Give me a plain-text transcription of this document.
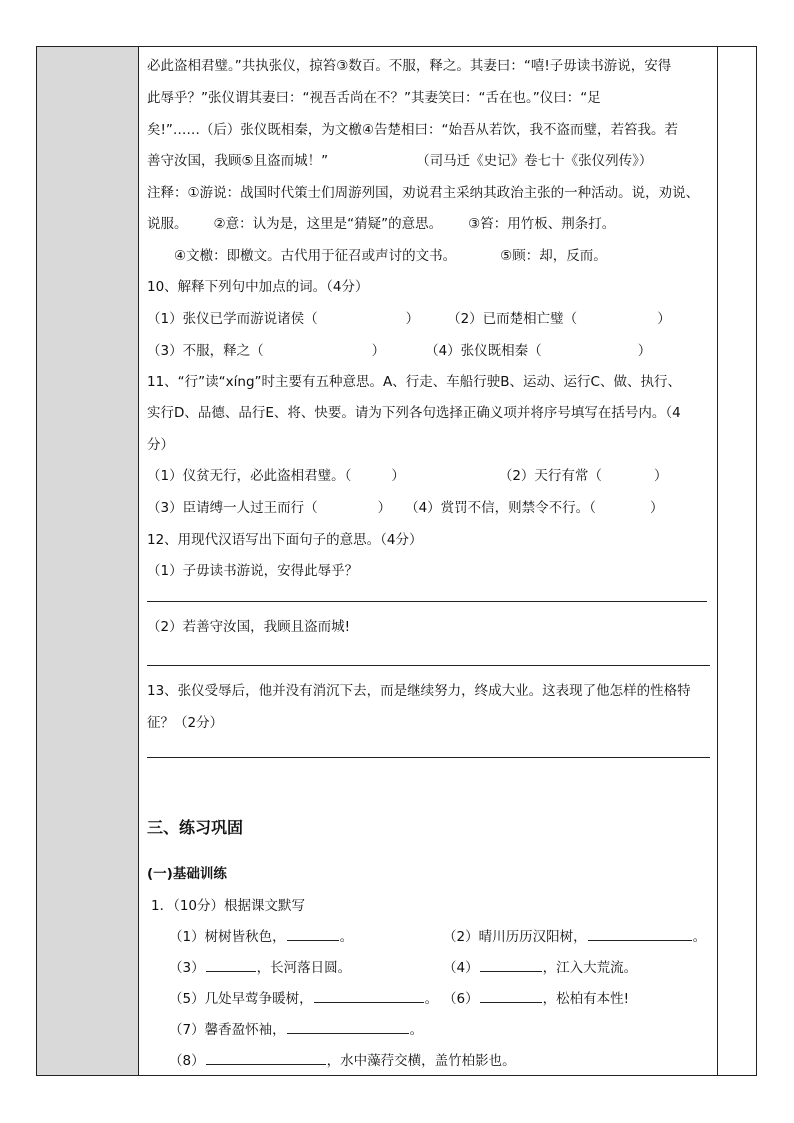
必此盗相君璧。”共执张仪，掠笞③数百。不服，释之。其妻曰：“嘻!子毋读书游说，安得
此辱乎？”张仪谓其妻曰：“视吾舌尚在不？”其妻笑曰：“舌在也。”仪曰：“足
矣!”……（后）张仪既相秦，为文檄④告楚相曰：“始吾从若饮，我不盗而璧，若笞我。若
善守汝国，我顾⑤且盗而城！”	（司马迁《史记》卷七十《张仪列传》）
注释：①游说：战国时代策士们周游列国，劝说君主采纳其政治主张的一种活动。说，劝说、
说服。 ②意：认为是，这里是“猜疑”的意思。 ③笞：用竹板、荆条打。
④文檄：即檄文。古代用于征召或声讨的文书。	⑤顾：却，反而。
10、解释下列句中加点的词。（4分）
（1）张仪已学而游说诸侯（	） （2）已而楚相亡璧（	）
（3）不服，释之（	）	（4）张仪既相秦（	）
11、“行”读“xíng”时主要有五种意思。A、行走、车船行驶B、运动、运行C、做、执行、
实行D、品德、品行E、将、快要。请为下列各句选择正确义项并将序号填写在括号内。（4
分）
（1）仪贫无行，必此盗相君璧。（	）	（2）天行有常（	）
（3）臣请缚一人过王而行（	） （4）赏罚不信，则禁令不行。（	）
12、用现代汉语写出下面句子的意思。（4分）
（1）子毋读书游说，安得此辱乎？
（2）若善守汝国，我顾且盗而城!
13、张仪受辱后，他并没有消沉下去，而是继续努力，终成大业。这表现了他怎样的性格特
征？（2分）
三、练习巩固
(一)基础训练
1．（10分）根据课文默写
（1）树树皆秋色，	。	（2）晴川历历汉阳树，	。
（3）	，长河落日圆。	（4）	，江入大荒流。
（5）几处早莺争暖树，	。 （6）	，松柏有本性!
（7）馨香盈怀袖，	。
（8）	，水中藻荇交横，盖竹柏影也。
